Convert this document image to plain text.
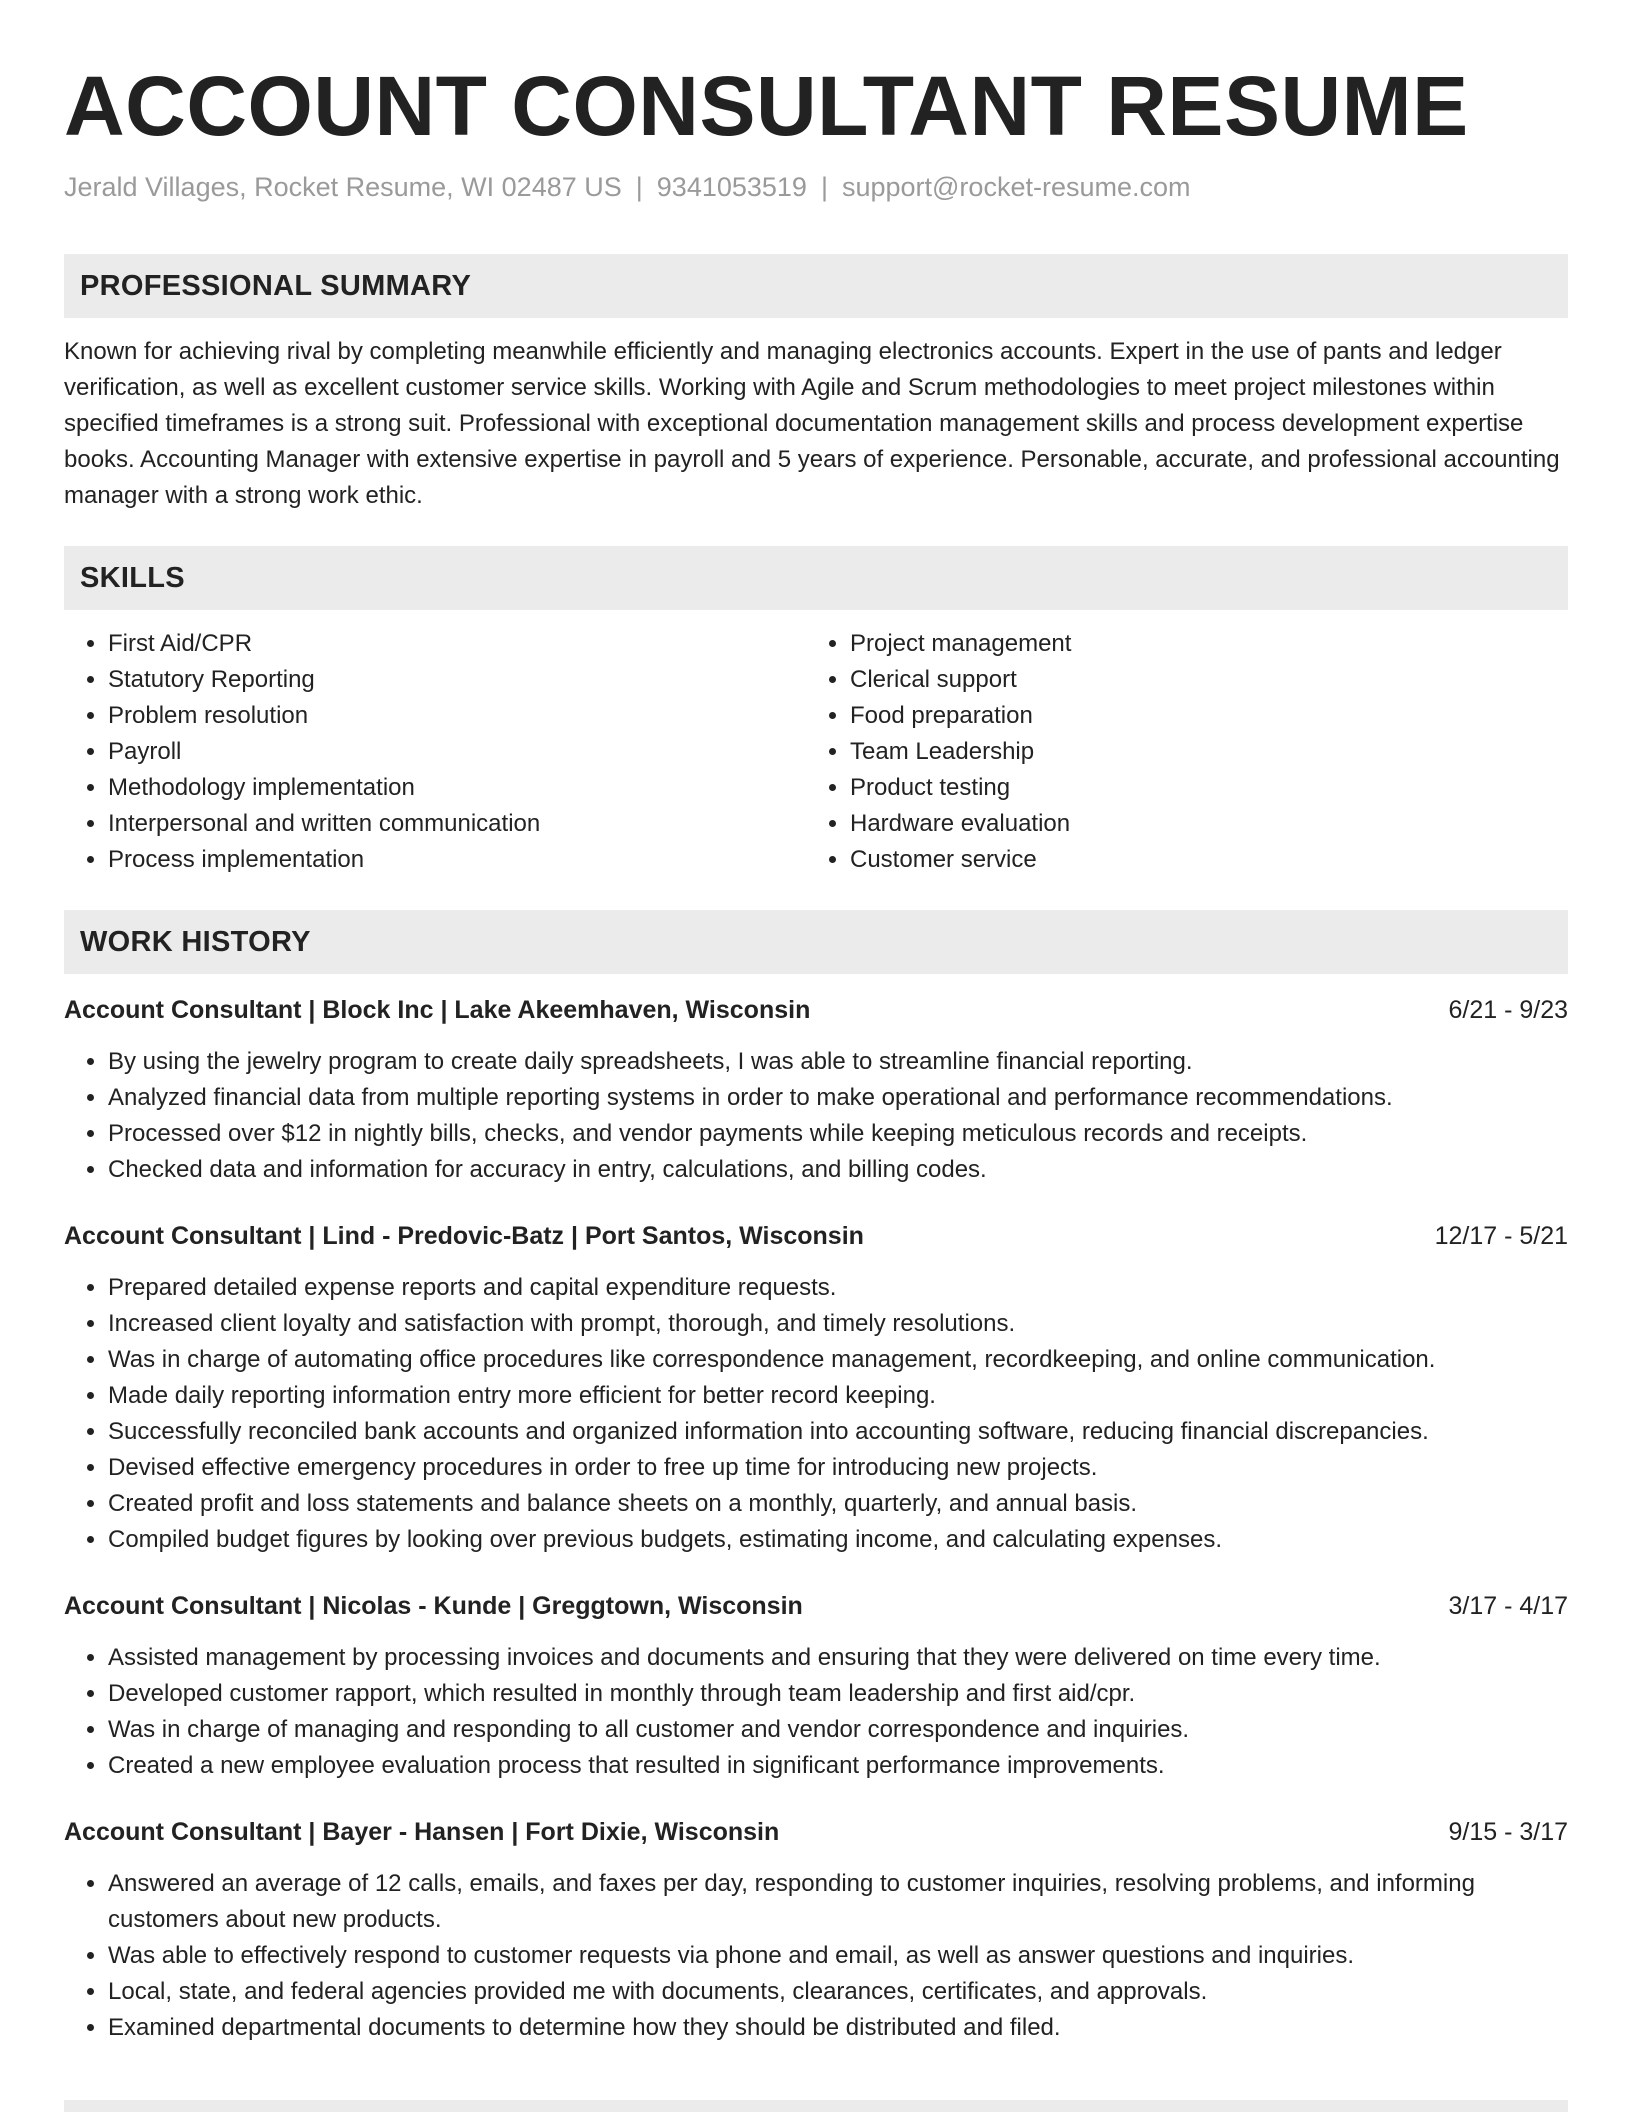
ACCOUNT CONSULTANT RESUME
Jerald Villages, Rocket Resume, WI 02487 US | 9341053519 | support@rocket-resume.com
PROFESSIONAL SUMMARY

Known for achieving rival by completing meanwhile efficiently and managing electronics accounts. Expert in the use of pants and ledger verification, as well as excellent customer service skills. Working with Agile and Scrum methodologies to meet project milestones within specified timeframes is a strong suit. Professional with exceptional documentation management skills and process development expertise books. Accounting Manager with extensive expertise in payroll and 5 years of experience. Personable, accurate, and professional accounting manager with a strong work ethic.

SKILLS
• First Aid/CPR
• Statutory Reporting
• Problem resolution
• Payroll
• Methodology implementation
• Interpersonal and written communication
• Process implementation
• Project management
• Clerical support
• Food preparation
• Team Leadership
• Product testing
• Hardware evaluation
• Customer service
WORK HISTORY
Account Consultant | Block Inc | Lake Akeemhaven, Wisconsin	6/21 - 9/23
• By using the jewelry program to create daily spreadsheets, I was able to streamline financial reporting.
• Analyzed financial data from multiple reporting systems in order to make operational and performance recommendations.
• Processed over $12 in nightly bills, checks, and vendor payments while keeping meticulous records and receipts.
• Checked data and information for accuracy in entry, calculations, and billing codes.
Account Consultant | Lind - Predovic-Batz | Port Santos, Wisconsin	12/17 - 5/21
• Prepared detailed expense reports and capital expenditure requests.
• Increased client loyalty and satisfaction with prompt, thorough, and timely resolutions.
• Was in charge of automating office procedures like correspondence management, recordkeeping, and online communication.
• Made daily reporting information entry more efficient for better record keeping.
• Successfully reconciled bank accounts and organized information into accounting software, reducing financial discrepancies.
• Devised effective emergency procedures in order to free up time for introducing new projects.
• Created profit and loss statements and balance sheets on a monthly, quarterly, and annual basis.
• Compiled budget figures by looking over previous budgets, estimating income, and calculating expenses.
Account Consultant | Nicolas - Kunde | Greggtown, Wisconsin	3/17 - 4/17
• Assisted management by processing invoices and documents and ensuring that they were delivered on time every time.
• Developed customer rapport, which resulted in monthly through team leadership and first aid/cpr.
• Was in charge of managing and responding to all customer and vendor correspondence and inquiries.
• Created a new employee evaluation process that resulted in significant performance improvements.
Account Consultant | Bayer - Hansen | Fort Dixie, Wisconsin	9/15 - 3/17
• Answered an average of 12 calls, emails, and faxes per day, responding to customer inquiries, resolving problems, and informing customers about new products.
• Was able to effectively respond to customer requests via phone and email, as well as answer questions and inquiries.
• Local, state, and federal agencies provided me with documents, clearances, certificates, and approvals.
• Examined departmental documents to determine how they should be distributed and filed.
